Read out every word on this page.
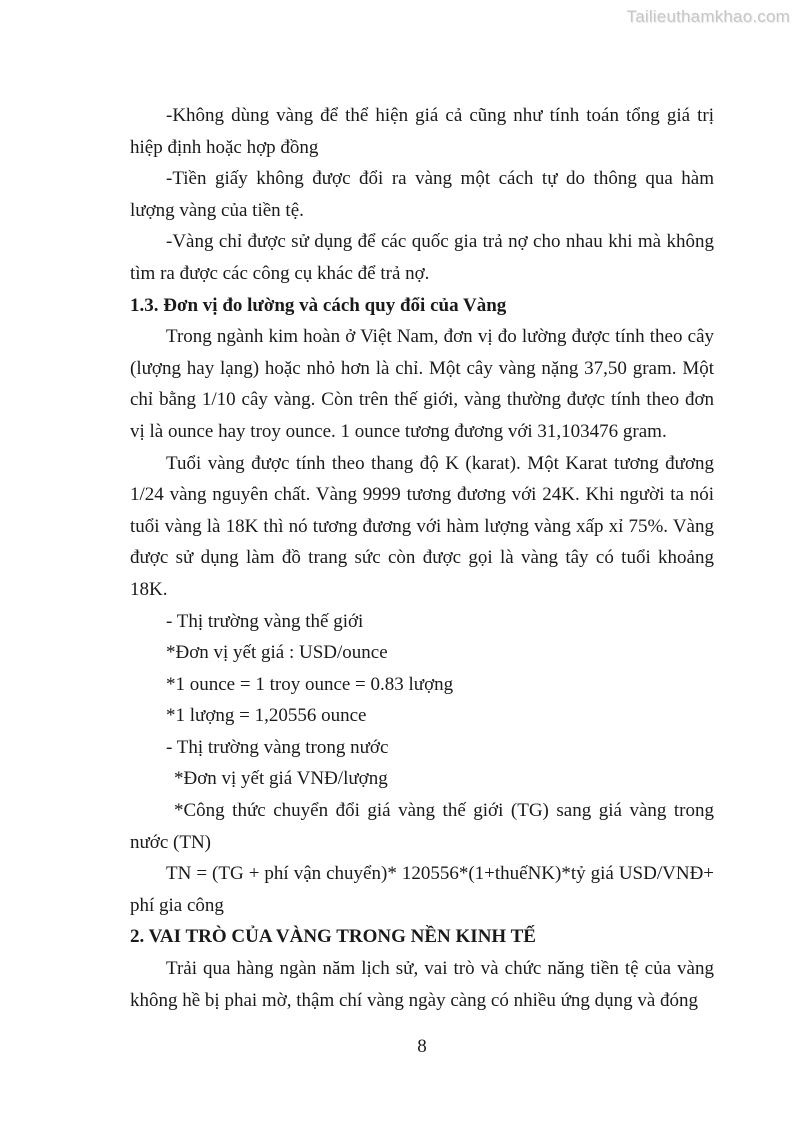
Tailieuthamkhao.com

-Không dùng vàng để thể hiện giá cả cũng như tính toán tổng giá trị hiệp định hoặc hợp đồng

-Tiền giấy không được đổi ra vàng một cách tự do thông qua hàm lượng vàng của tiền tệ.

-Vàng chỉ được sử dụng để các quốc gia trả nợ cho nhau khi mà không tìm ra được các công cụ khác để trả nợ.

1.3. Đơn vị đo lường và cách quy đổi của Vàng

Trong ngành kim hoàn ở Việt Nam, đơn vị đo lường được tính theo cây (lượng hay lạng) hoặc nhỏ hơn là chỉ. Một cây vàng nặng 37,50 gram. Một chỉ bằng 1/10 cây vàng. Còn trên thế giới, vàng thường được tính theo đơn vị là ounce hay troy ounce. 1 ounce tương đương với 31,103476 gram.

Tuổi vàng được tính theo thang độ K (karat). Một Karat tương đương 1/24 vàng nguyên chất. Vàng 9999 tương đương với 24K. Khi người ta nói tuổi vàng là 18K thì nó tương đương với hàm lượng vàng xấp xỉ 75%. Vàng được sử dụng làm đồ trang sức còn được gọi là vàng tây có tuổi khoảng 18K.

- Thị trường vàng thế giới

*Đơn vị yết giá : USD/ounce

*1 ounce = 1 troy ounce = 0.83 lượng

*1 lượng = 1,20556 ounce

- Thị trường vàng trong nước

*Đơn vị yết giá VNĐ/lượng

*Công thức chuyển đổi giá vàng thế giới (TG) sang giá vàng trong nước (TN)

TN = (TG + phí vận chuyển)* 120556*(1+thuếNK)*tỷ giá USD/VNĐ+ phí gia công

2. VAI TRÒ CỦA VÀNG TRONG NỀN KINH TẾ

Trải qua hàng ngàn năm lịch sử, vai trò và chức năng tiền tệ của vàng không hề bị phai mờ, thậm chí vàng ngày càng có nhiều ứng dụng và đóng

8
